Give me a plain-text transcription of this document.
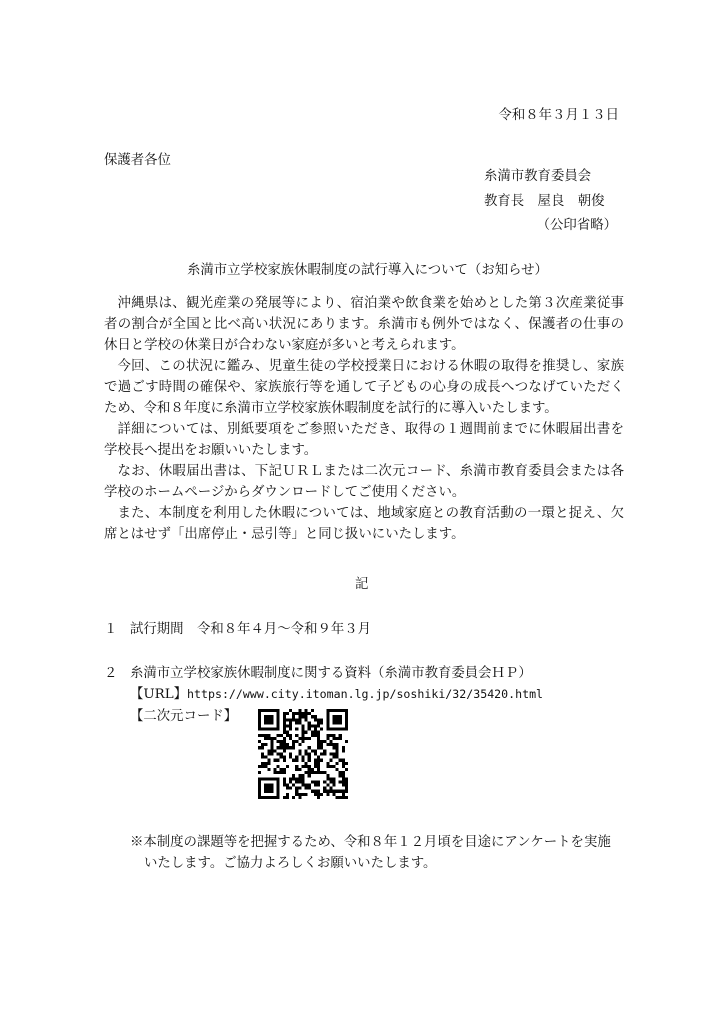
令和８年３月１３日
保護者各位
糸満市教育委員会
教育長　屋良　朝俊
（公印省略）
糸満市立学校家族休暇制度の試行導入について（お知らせ）

沖縄県は、観光産業の発展等により、宿泊業や飲食業を始めとした第３次産業従事者の割合が全国と比べ高い状況にあります。糸満市も例外ではなく、保護者の仕事の休日と学校の休業日が合わない家庭が多いと考えられます。

今回、この状況に鑑み、児童生徒の学校授業日における休暇の取得を推奨し、家族で過ごす時間の確保や、家族旅行等を通して子どもの心身の成長へつなげていただくため、令和８年度に糸満市立学校家族休暇制度を試行的に導入いたします。

詳細については、別紙要項をご参照いただき、取得の１週間前までに休暇届出書を学校長へ提出をお願いいたします。

なお、休暇届出書は、下記ＵＲＬまたは二次元コード、糸満市教育委員会または各学校のホームページからダウンロードしてご使用ください。

また、本制度を利用した休暇については、地域家庭との教育活動の一環と捉え、欠席とはせず「出席停止・忌引等」と同じ扱いにいたします。

記
１ 試行期間　令和８年４月～令和９年３月
２ 糸満市立学校家族休暇制度に関する資料（糸満市教育委員会ＨＰ）
【URL】https://www.city.itoman.lg.jp/soshiki/32/35420.html
【二次元コード】
※本制度の課題等を把握するため、令和８年１２月頃を目途にアンケートを実施
いたします。ご協力よろしくお願いいたします。
